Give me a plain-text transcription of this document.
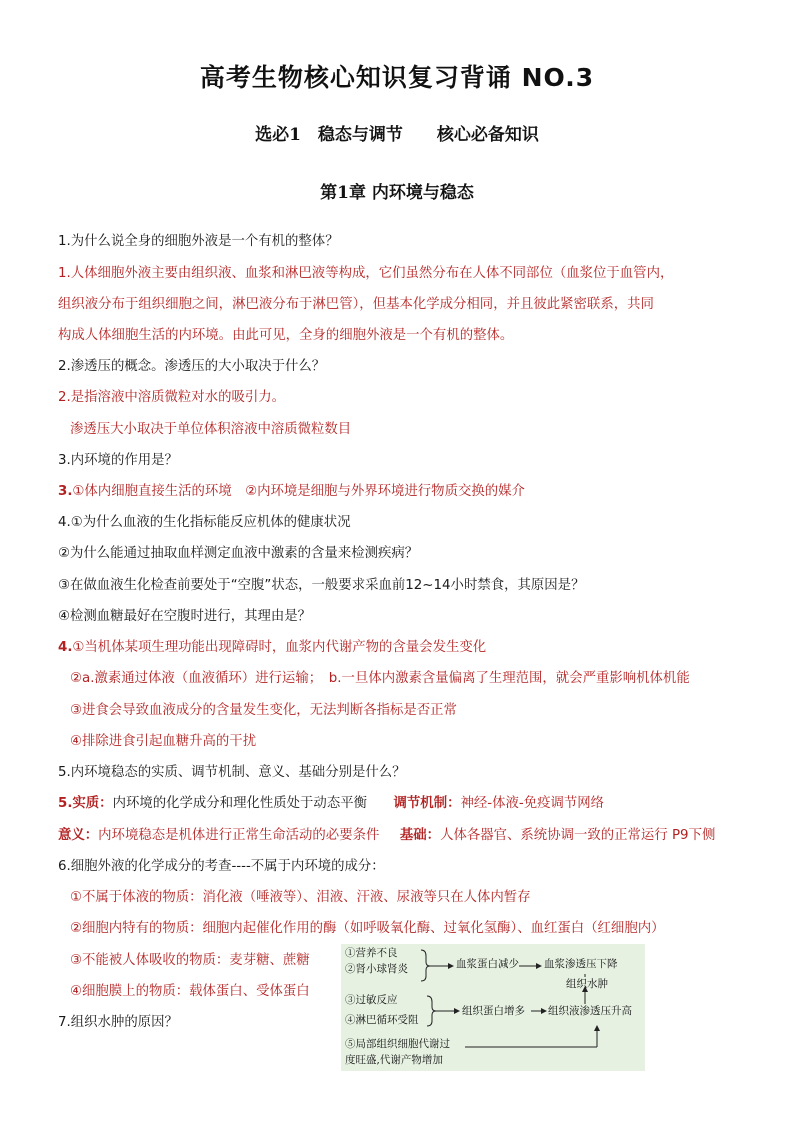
高考生物核心知识复习背诵 NO.3
选必1　稳态与调节　　核心必备知识
第1章 内环境与稳态
1.为什么说全身的细胞外液是一个有机的整体？
1.人体细胞外液主要由组织液、血浆和淋巴液等构成，它们虽然分布在人体不同部位（血浆位于血管内，
组织液分布于组织细胞之间，淋巴液分布于淋巴管），但基本化学成分相同，并且彼此紧密联系，共同
构成人体细胞生活的内环境。由此可见，全身的细胞外液是一个有机的整体。
2.渗透压的概念。渗透压的大小取决于什么？
2.是指溶液中溶质微粒对水的吸引力。
渗透压大小取决于单位体积溶液中溶质微粒数目
3.内环境的作用是？
3.①体内细胞直接生活的环境　②内环境是细胞与外界环境进行物质交换的媒介
4.①为什么血液的生化指标能反应机体的健康状况
②为什么能通过抽取血样测定血液中激素的含量来检测疾病？
③在做血液生化检查前要处于“空腹”状态，一般要求采血前12~14小时禁食，其原因是？
④检测血糖最好在空腹时进行，其理由是？
4.①当机体某项生理功能出现障碍时，血浆内代谢产物的含量会发生变化
②a.激素通过体液（血液循环）进行运输；　b.一旦体内激素含量偏离了生理范围，就会严重影响机体机能
③进食会导致血液成分的含量发生变化，无法判断各指标是否正常
④排除进食引起血糖升高的干扰
5.内环境稳态的实质、调节机制、意义、基础分别是什么？
5.实质：内环境的化学成分和理化性质处于动态平衡 调节机制：神经-体液-免疫调节网络
意义：内环境稳态是机体进行正常生命活动的必要条件 基础：人体各器官、系统协调一致的正常运行 P9下侧
6.细胞外液的化学成分的考查----不属于内环境的成分：
①不属于体液的物质：消化液（唾液等）、泪液、汗液、尿液等只在人体内暂存
②细胞内特有的物质：细胞内起催化作用的酶（如呼吸氧化酶、过氧化氢酶）、血红蛋白（红细胞内）
③不能被人体吸收的物质：麦芽糖、蔗糖
④细胞膜上的物质：载体蛋白、受体蛋白
7.组织水肿的原因？
①营养不良
②肾小球肾炎	血浆蛋白减少 血浆渗透压下降
组织水肿
③过敏反应
④淋巴循环受阻
组织蛋白增多 组织液渗透压升高
⑤局部组织细胞代谢过
度旺盛,代谢产物增加
